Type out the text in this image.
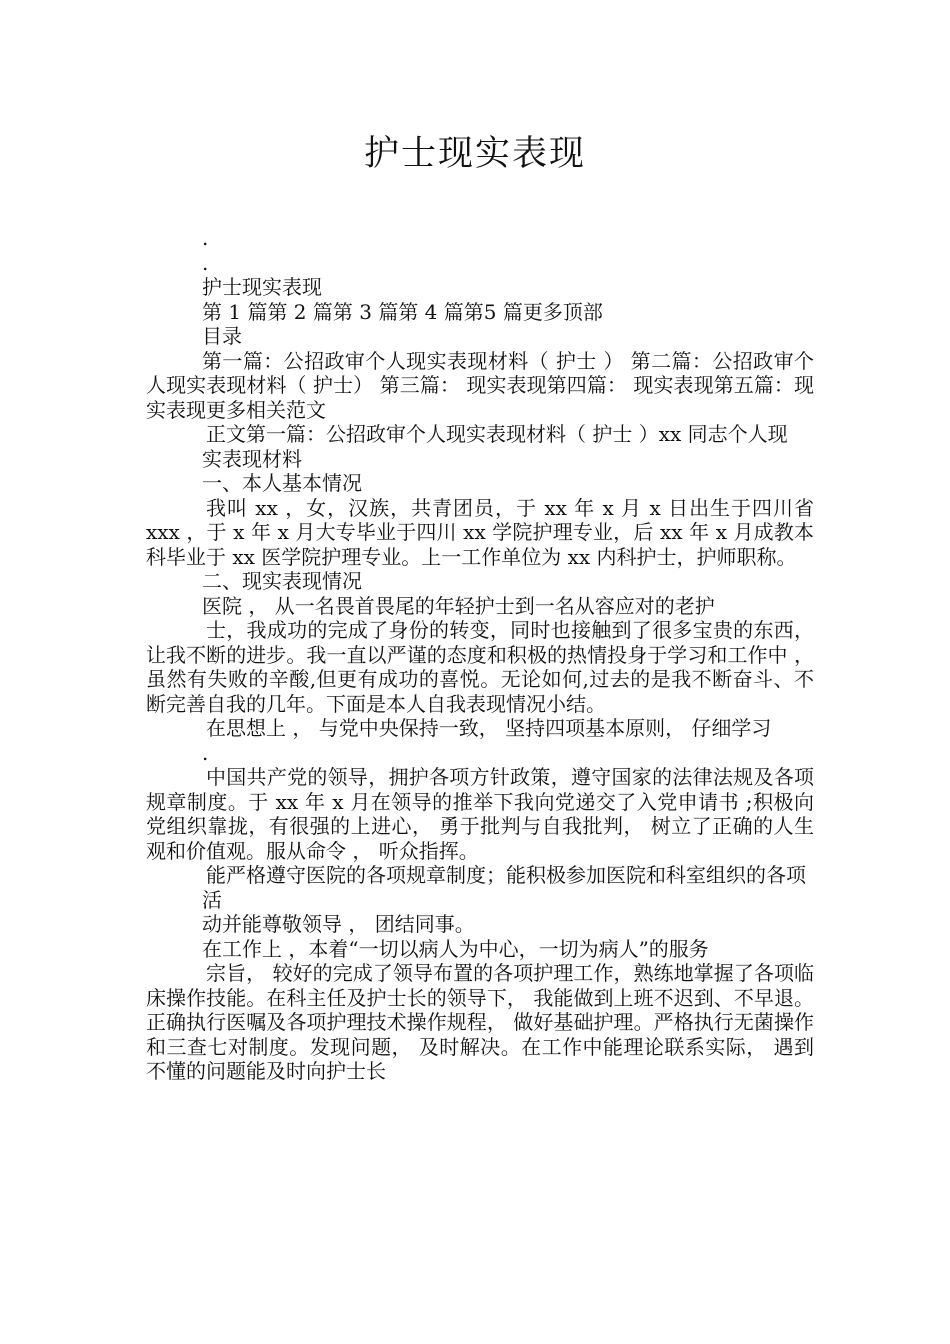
护士现实表现
.
.
护士现实表现
第 1 篇第 2 篇第 3 篇第 4 篇第5 篇更多顶部
目录
第一篇：公招政审个人现实表现材料（ 护士 ） 第二篇：公招政审个人现实表现材料（ 护士） 第三篇： 现实表现第四篇： 现实表现第五篇：现实表现更多相关范文
正文第一篇：公招政审个人现实表现材料（ 护士 ）xx 同志个人现
实表现材料
一、本人基本情况
我叫 xx ，女，汉族，共青团员，于 xx 年 x 月 x 日出生于四川省 xxx ，于 x 年 x 月大专毕业于四川 xx 学院护理专业，后 xx 年 x 月成教本科毕业于 xx 医学院护理专业。上一工作单位为 xx 内科护士，护师职称。
二、现实表现情况
医院 ， 从一名畏首畏尾的年轻护士到一名从容应对的老护
士，我成功的完成了身份的转变，同时也接触到了很多宝贵的东西， 让我不断的进步。我一直以严谨的态度和积极的热情投身于学习和工作中 ， 虽然有失败的辛酸,但更有成功的喜悦。无论如何,过去的是我不断奋斗、不断完善自我的几年。下面是本人自我表现情况小结。
在思想上 ， 与党中央保持一致， 坚持四项基本原则， 仔细学习
.
中国共产党的领导，拥护各项方针政策，遵守国家的法律法规及各项规章制度。于 xx 年 x 月在领导的推举下我向党递交了入党申请书 ;积极向党组织靠拢，有很强的上进心， 勇于批判与自我批判， 树立了正确的人生观和价值观。服从命令 ， 听众指挥。
能严格遵守医院的各项规章制度；能积极参加医院和科室组织的各项
活
动并能尊敬领导 ， 团结同事。
在工作上 ，本着“一切以病人为中心，一切为病人”的服务
宗旨， 较好的完成了领导布置的各项护理工作，熟练地掌握了各项临床操作技能。在科主任及护士长的领导下， 我能做到上班不迟到、不早退。正确执行医嘱及各项护理技术操作规程， 做好基础护理。严格执行无菌操作和三查七对制度。发现问题， 及时解决。在工作中能理论联系实际， 遇到不懂的问题能及时向护士长
